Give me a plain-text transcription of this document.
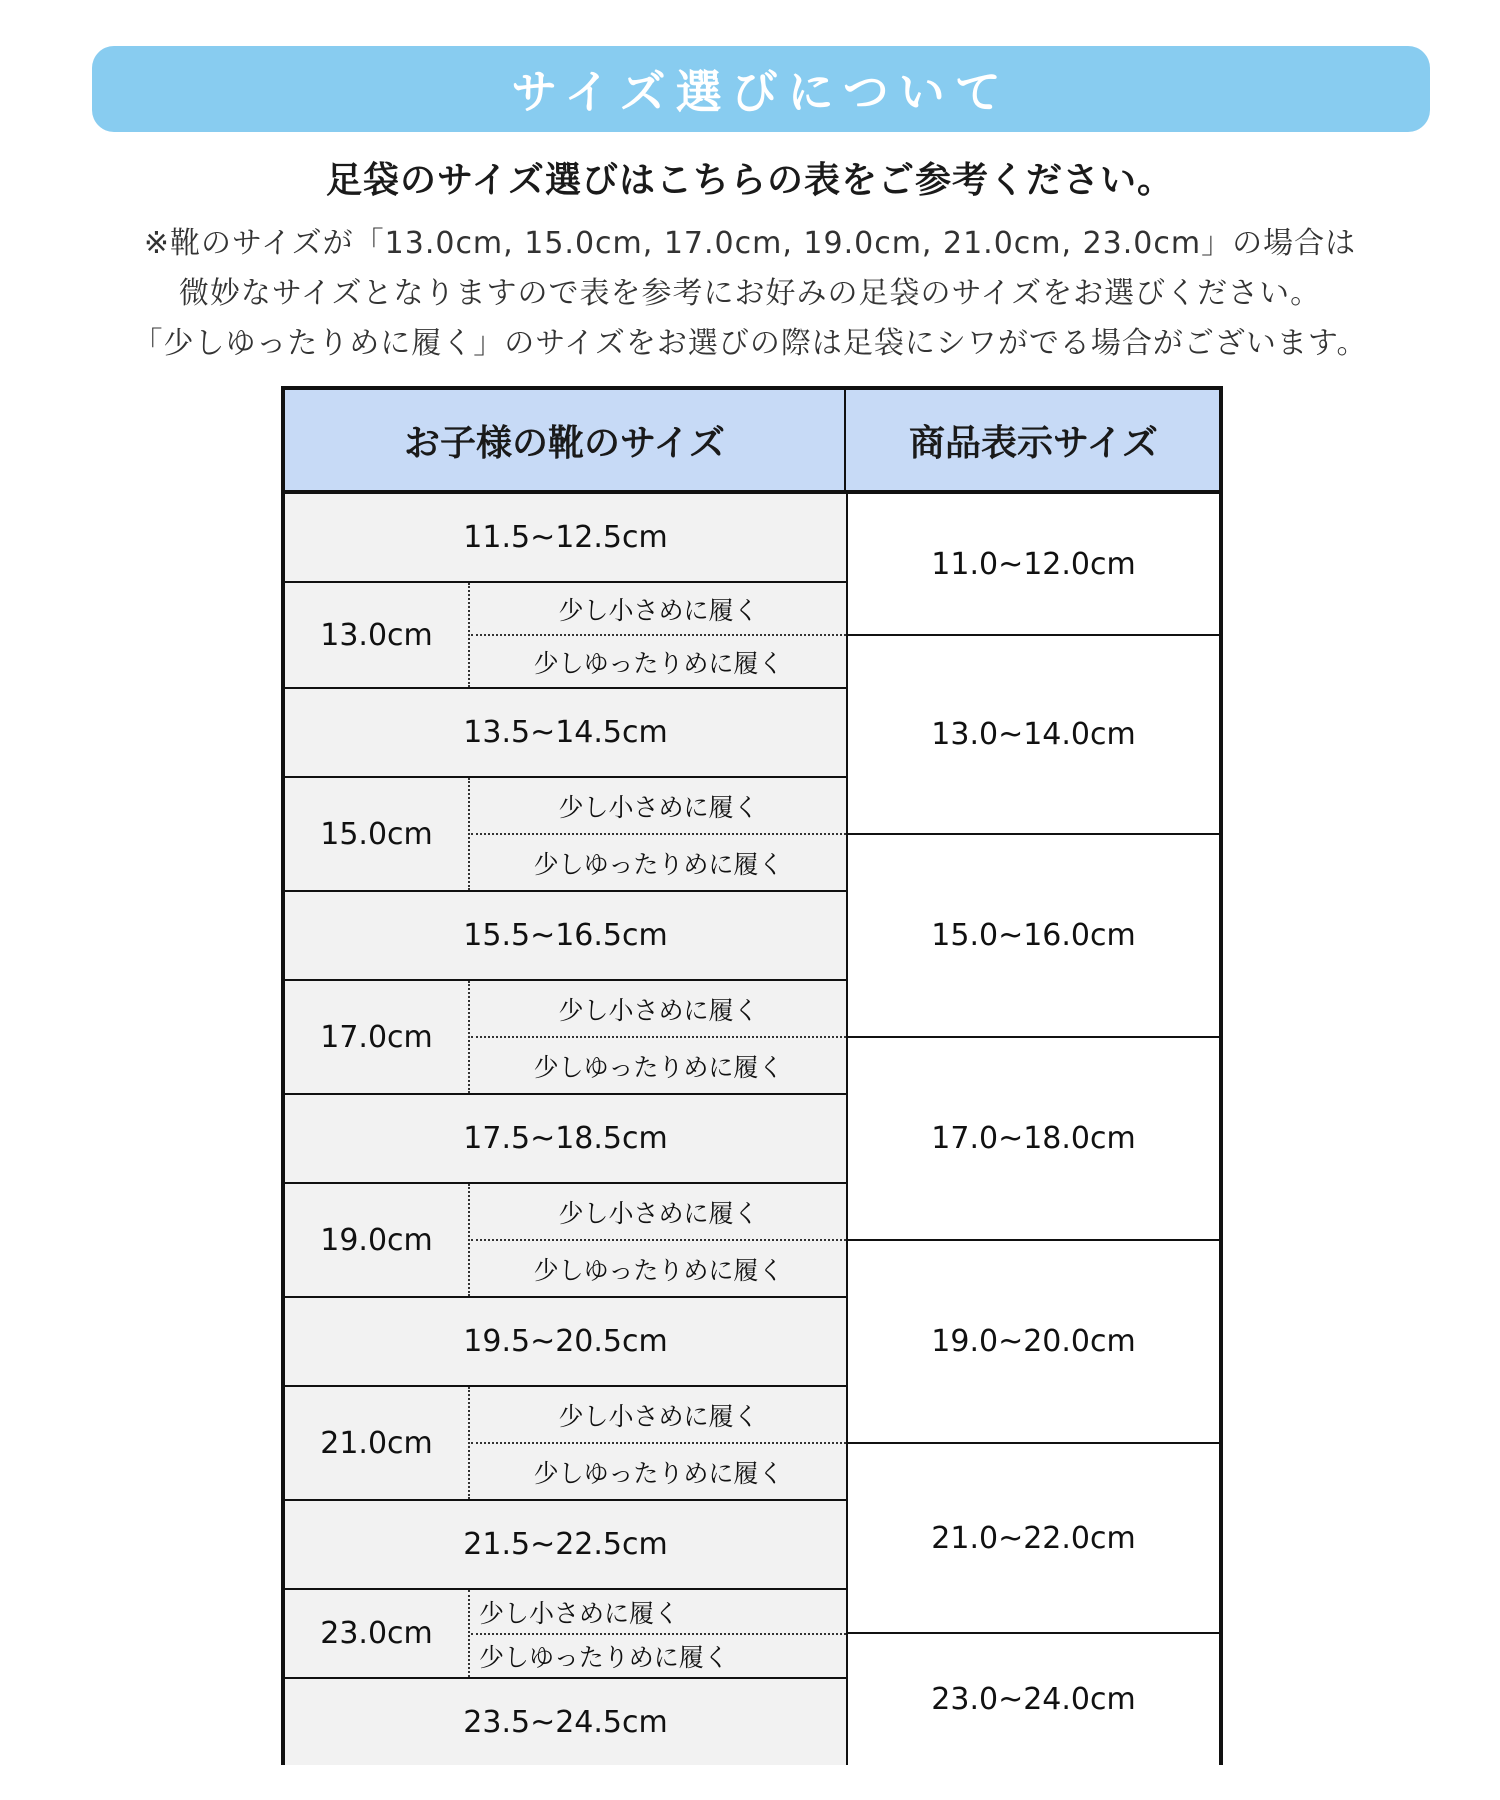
サイズ選びについて
足袋のサイズ選びはこちらの表をご参考ください。
※靴のサイズが「13.0cm, 15.0cm, 17.0cm, 19.0cm, 21.0cm, 23.0cm」の場合は
微妙なサイズとなりますので表を参考にお好みの足袋のサイズをお選びください。
「少しゆったりめに履く」のサイズをお選びの際は足袋にシワがでる場合がございます。
お子様の靴のサイズ	商品表示サイズ
11.5~12.5cm
13.0cm
少し小さめに履く
少しゆったりめに履く
13.5~14.5cm
15.0cm
少し小さめに履く
少しゆったりめに履く
15.5~16.5cm
17.0cm
少し小さめに履く
少しゆったりめに履く
17.5~18.5cm
19.0cm
少し小さめに履く
少しゆったりめに履く
19.5~20.5cm
21.0cm
少し小さめに履く
少しゆったりめに履く
21.5~22.5cm
23.0cm
少し小さめに履く
少しゆったりめに履く
23.5~24.5cm
11.0~12.0cm
13.0~14.0cm
15.0~16.0cm
17.0~18.0cm
19.0~20.0cm
21.0~22.0cm
23.0~24.0cm
